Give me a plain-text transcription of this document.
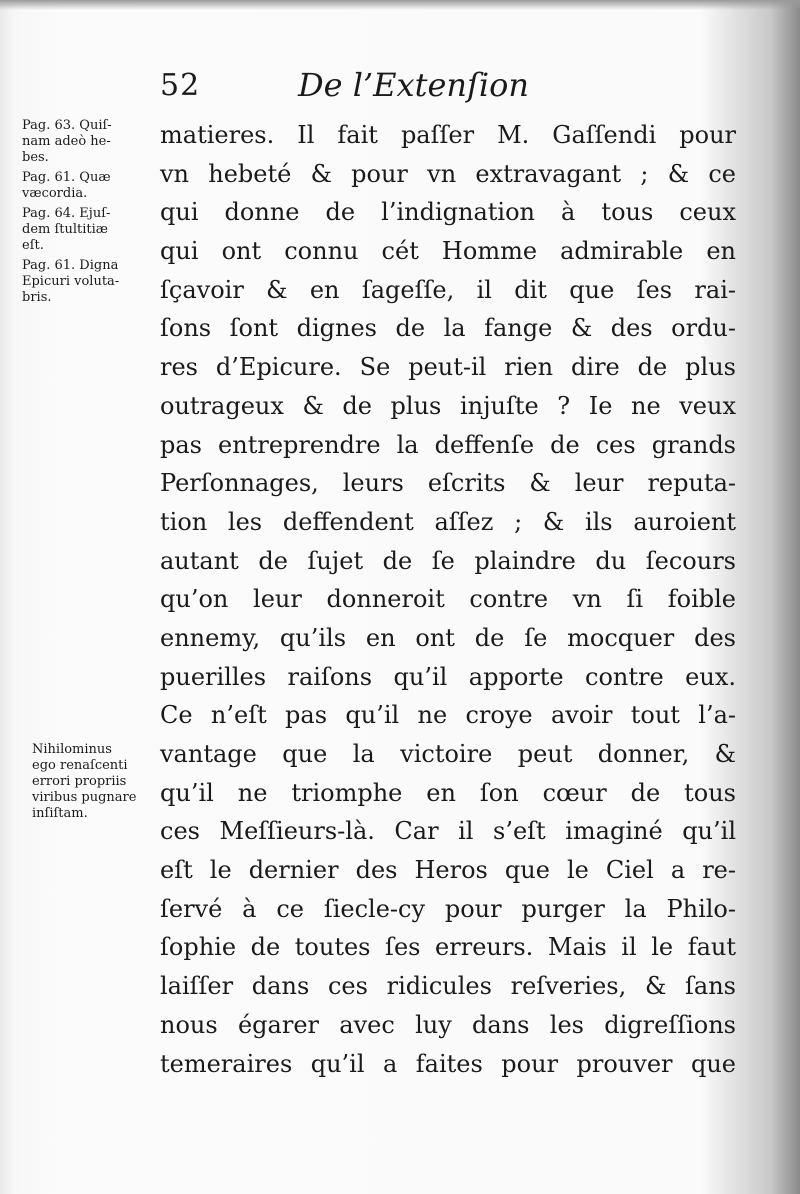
52	De l’Extenſion
Pag. 63. Quiſ-
nam adeò he-
bes.
Pag. 61. Quæ
væcordia.
Pag. 64. Ejuſ-
dem ſtultitiæ
eſt.
Pag. 61. Digna
Epicuri voluta-
bris.
Nihilominus
ego renaſcenti
errori propriis
viribus pugnare
inſiſtam.
matieres. Il fait paſſer M. Gaſſendi pour
vn hebeté & pour vn extravagant ; & ce
qui donne de l’indignation à tous ceux
qui ont connu cét Homme admirable en
ſçavoir & en ſageſſe, il dit que ſes rai-
ſons ſont dignes de la fange & des ordu-
res d’Epicure. Se peut-il rien dire de plus
outrageux & de plus injuſte ? Ie ne veux
pas entreprendre la deffenſe de ces grands
Perſonnages, leurs eſcrits & leur reputa-
tion les deffendent aſſez ; & ils auroient
autant de ſujet de ſe plaindre du ſecours
qu’on leur donneroit contre vn ſi foible
ennemy, qu’ils en ont de ſe mocquer des
puerilles raiſons qu’il apporte contre eux.
Ce n’eſt pas qu’il ne croye avoir tout l’a-
vantage que la victoire peut donner, &
qu’il ne triomphe en ſon cœur de tous
ces Meſſieurs-là. Car il s’eſt imaginé qu’il
eſt le dernier des Heros que le Ciel a re-
ſervé à ce ſiecle-cy pour purger la Philo-
ſophie de toutes ſes erreurs. Mais il le faut
laiſſer dans ces ridicules reſveries, & ſans
nous égarer avec luy dans les digreſſions
temeraires qu’il a faites pour prouver que
